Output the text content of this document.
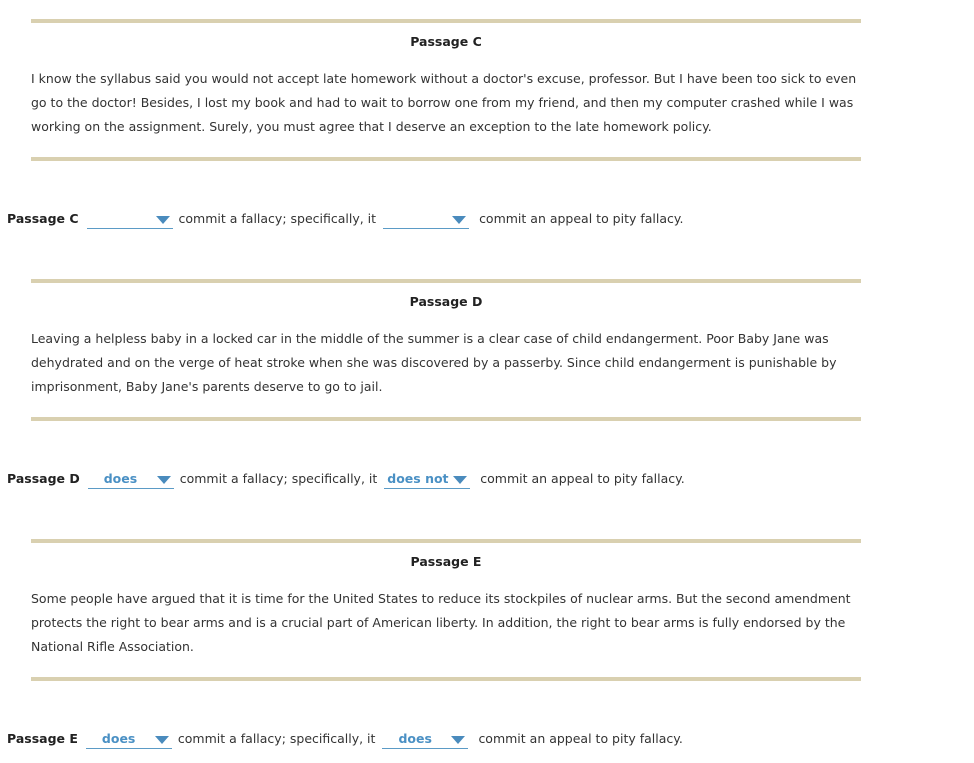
Passage C
I know the syllabus said you would not accept late homework without a doctor's excuse, professor. But I have been too sick to even go to the doctor! Besides, I lost my book and had to wait to borrow one from my friend, and then my computer crashed while I was working on the assignment. Surely, you must agree that I deserve an exception to the late homework policy.
Passage C	commit a fallacy; specifically, it	commit an appeal to pity fallacy.
Passage D
Leaving a helpless baby in a locked car in the middle of the summer is a clear case of child endangerment. Poor Baby Jane was dehydrated and on the verge of heat stroke when she was discovered by a passerby. Since child endangerment is punishable by imprisonment, Baby Jane's parents deserve to go to jail.
Passage D does	commit a fallacy; specifically, it does not	commit an appeal to pity fallacy.
Passage E
Some people have argued that it is time for the United States to reduce its stockpiles of nuclear arms. But the second amendment protects the right to bear arms and is a crucial part of American liberty. In addition, the right to bear arms is fully endorsed by the National Rifle Association.
Passage E does	commit a fallacy; specifically, it does	commit an appeal to pity fallacy.
